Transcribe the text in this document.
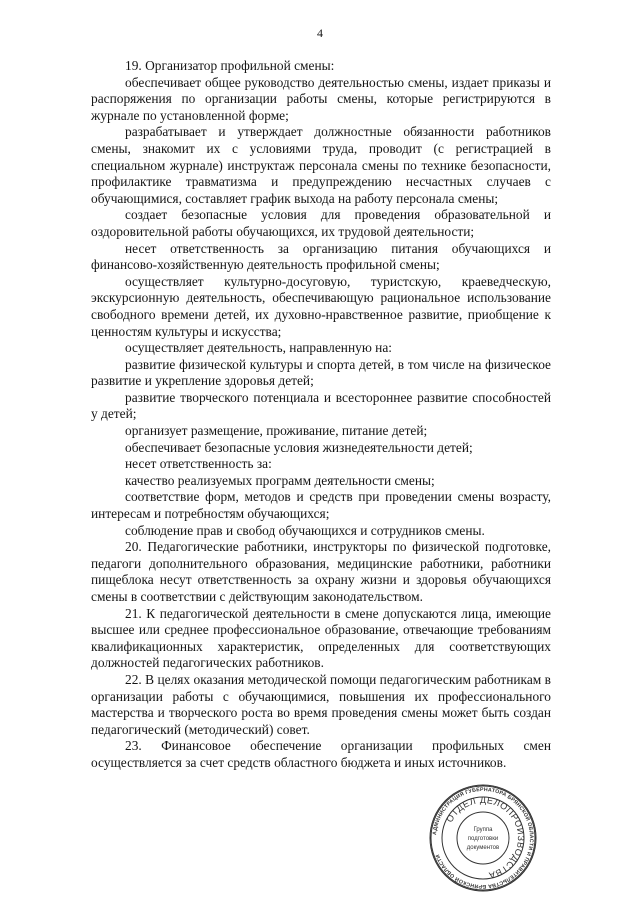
4

19. Организатор профильной смены:

обеспечивает общее руководство деятельностью смены, издает приказы и распоряжения по организации работы смены, которые регистрируются в журнале по установленной форме;

разрабатывает и утверждает должностные обязанности работников смены, знакомит их с условиями труда, проводит (с регистрацией в специальном журнале) инструктаж персонала смены по технике безопасности, профилактике травматизма и предупреждению несчастных случаев с обучающимися, составляет график выхода на работу персонала смены;

создает безопасные условия для проведения образовательной и оздоровительной работы обучающихся, их трудовой деятельности;

несет ответственность за организацию питания обучающихся и финансово-хозяйственную деятельность профильной смены;

осуществляет культурно-досуговую, туристскую, краеведческую, экскурсионную деятельность, обеспечивающую рациональное использование свободного времени детей, их духовно-нравственное развитие, приобщение к ценностям культуры и искусства;

осуществляет деятельность, направленную на:

развитие физической культуры и спорта детей, в том числе на физическое развитие и укрепление здоровья детей;

развитие творческого потенциала и всестороннее развитие способностей у детей;

организует размещение, проживание, питание детей;

обеспечивает безопасные условия жизнедеятельности детей;

несет ответственность за:

качество реализуемых программ деятельности смены;

соответствие форм, методов и средств при проведении смены возрасту, интересам и потребностям обучающихся;

соблюдение прав и свобод обучающихся и сотрудников смены.

20. Педагогические работники, инструкторы по физической подготовке, педагоги дополнительного образования, медицинские работники, работники пищеблока несут ответственность за охрану жизни и здоровья обучающихся смены в соответствии с действующим законодательством.

21. К педагогической деятельности в смене допускаются лица, имеющие высшее или среднее профессиональное образование, отвечающие требованиям квалификационных характеристик, определенных для соответствующих должностей педагогических работников.

22. В целях оказания методической помощи педагогическим работникам в организации работы с обучающимися, повышения их профессионального мастерства и творческого роста во время проведения смены может быть создан педагогический (методический) совет.

23. Финансовое обеспечение организации профильных смен осуществляется за счет средств областного бюджета и иных источников.

АДМИНИСТРАЦИЯ ГУБЕРНАТОРА БРЯНСКОЙ ОБЛАСТИ И ПРАВИТЕЛЬСТВА БРЯНСКОЙ ОБЛАСТИ
ОТДЕЛ ДЕЛОПРОИЗВОДСТВА
Группа
подготовки
документов
